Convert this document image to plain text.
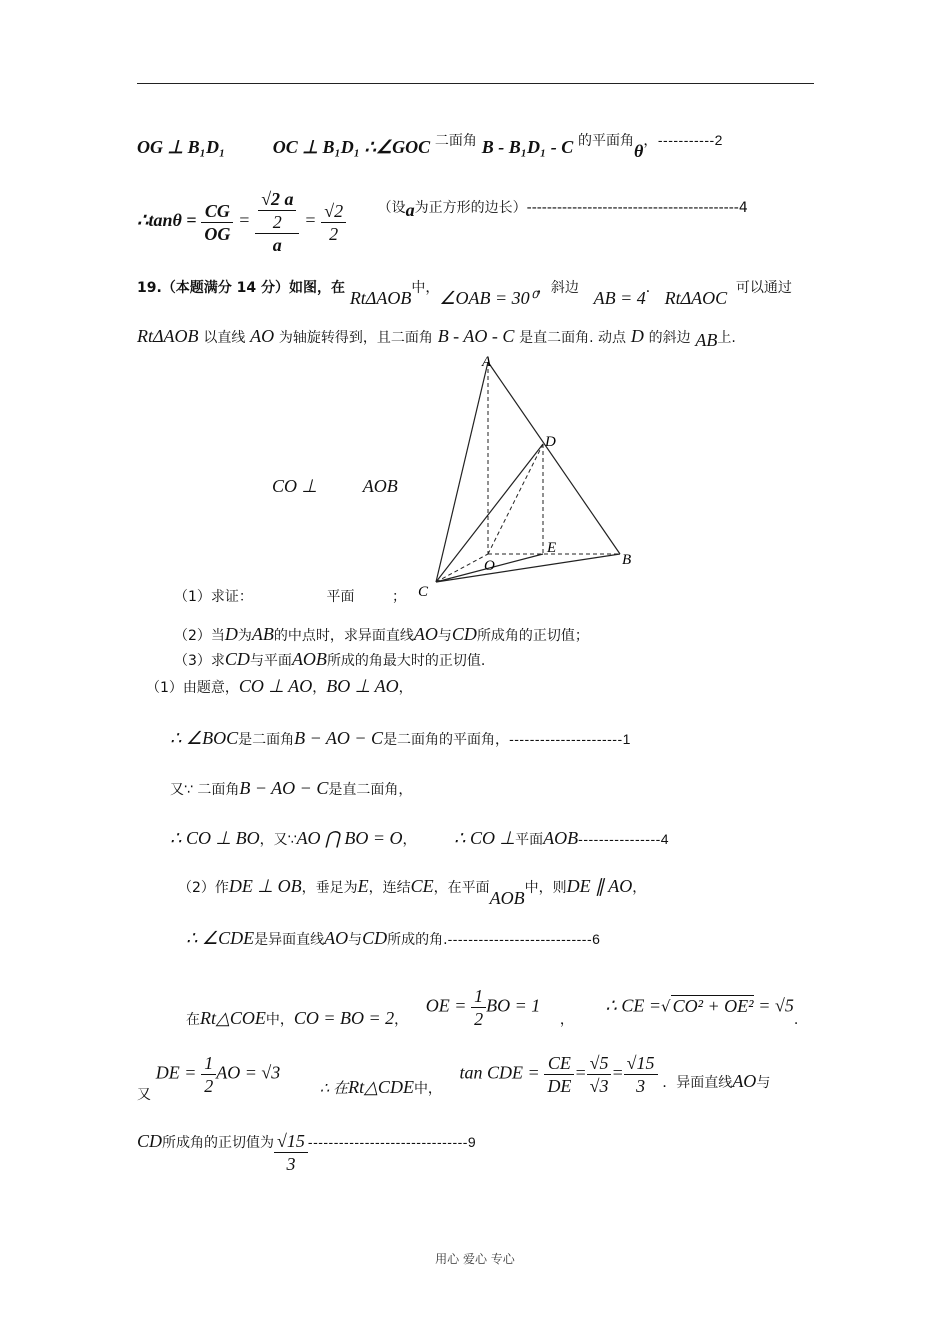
OG ⊥ B₁D₁	OC ⊥ B₁D₁ ∴∠GOC 二面角 B - B₁D₁ - C 的平面角θ，-----------2
∴tanθ = $\frac{CG}{OG} = \frac{\frac{√2 a}{2}}{a} = \frac{√2}{2}$ （设a为正方形的边长）------------------------------------------4
19.（本题满分 14 分）如图，在 RtΔAOB中，∠OAB = 30⁰，斜边 AB = 4． RtΔAOC 可以通过
RtΔAOB 以直线 AO 为轴旋转得到，且二面角 B - AO - C 是直二面角. 动点 D 的斜边 AB上.
A
D
E
O	B
C
CO ⊥	AOB
（1）求证：	平面	；
（2）当D为AB的中点时，求异面直线AO与CD所成角的正切值；
（3）求CD与平面AOB所成的角最大时的正切值.
（1）由题意，CO ⊥ AO，BO ⊥ AO，
∴ ∠BOC是二面角B − AO − C是二面角的平面角，----------------------1
又∵ 二面角B − AO − C是直二面角，
∴ CO ⊥ BO，又∵AO ⋂ BO = O， ∴ CO ⊥平面AOB----------------4
（2）作DE ⊥ OB，垂足为E，连结CE，在平面AOB中，则DE ∥ AO，
∴ ∠CDE是异面直线AO与CD所成的角.----------------------------6
在Rt△COE中，CO = BO = 2，  OE = $\frac{1}{2}$ BO = 1  ，  ∴ CE =√ CO² + OE² = √5.
又 DE = $\frac{1}{2}$ AO = √3  ∴ 在Rt△CDE中，  tan CDE = $\frac{CE}{DE} = \frac{√5}{√3} = \frac{√15}{3}$ ．异面直线AO与
CD所成角的正切值为 $\frac{√15}{3} -------------------------------9$
用心 爱心 专心
